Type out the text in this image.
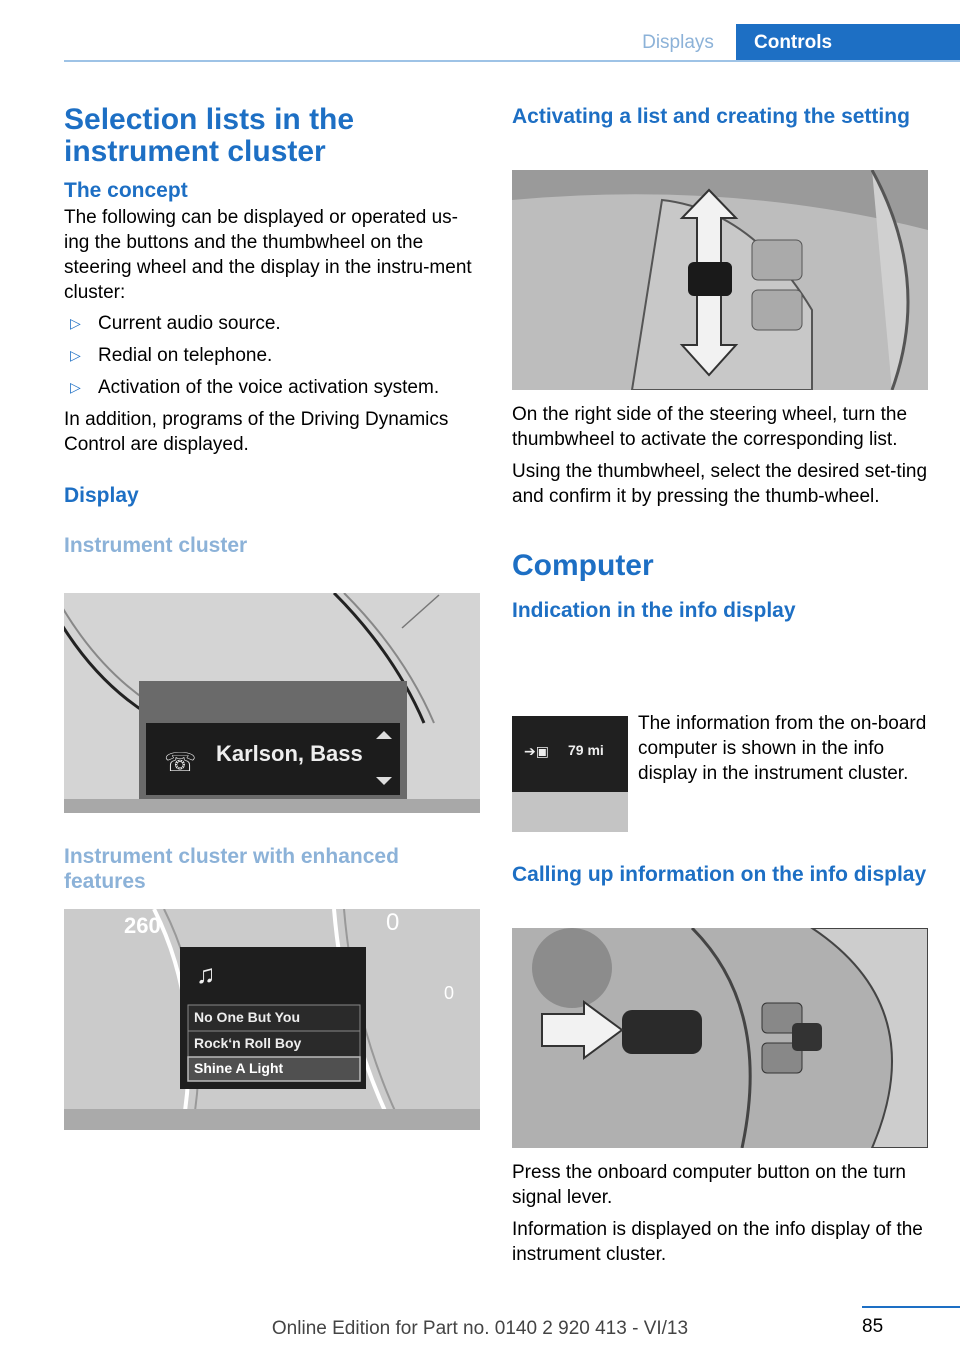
Displays	Controls
Selection lists in the instrument cluster
The concept

The following can be displayed or operated us‐ing the buttons and the thumbwheel on the steering wheel and the display in the instru‐ment cluster:

▷ Current audio source.
▷ Redial on telephone.
▷ Activation of the voice activation system.

In addition, programs of the Driving Dynamics Control are displayed.

Display
Instrument cluster
☏ Karlson, Bass
Instrument cluster with enhanced features
♫
260	0
0
No One But You
Rock‘n Roll Boy
Shine A Light
Activating a list and creating the setting

On the right side of the steering wheel, turn the thumbwheel to activate the corresponding list.

Using the thumbwheel, select the desired set‐ting and confirm it by pressing the thumb‐wheel.

Computer
Indication in the info display
➔▣ 79 mi

The information from the on‐board computer is shown in the info display in the instrument cluster.

Calling up information on the info display

Press the onboard computer button on the turn signal lever.

Information is displayed on the info display of the instrument cluster.

85
Online Edition for Part no. 0140 2 920 413 - VI/13
